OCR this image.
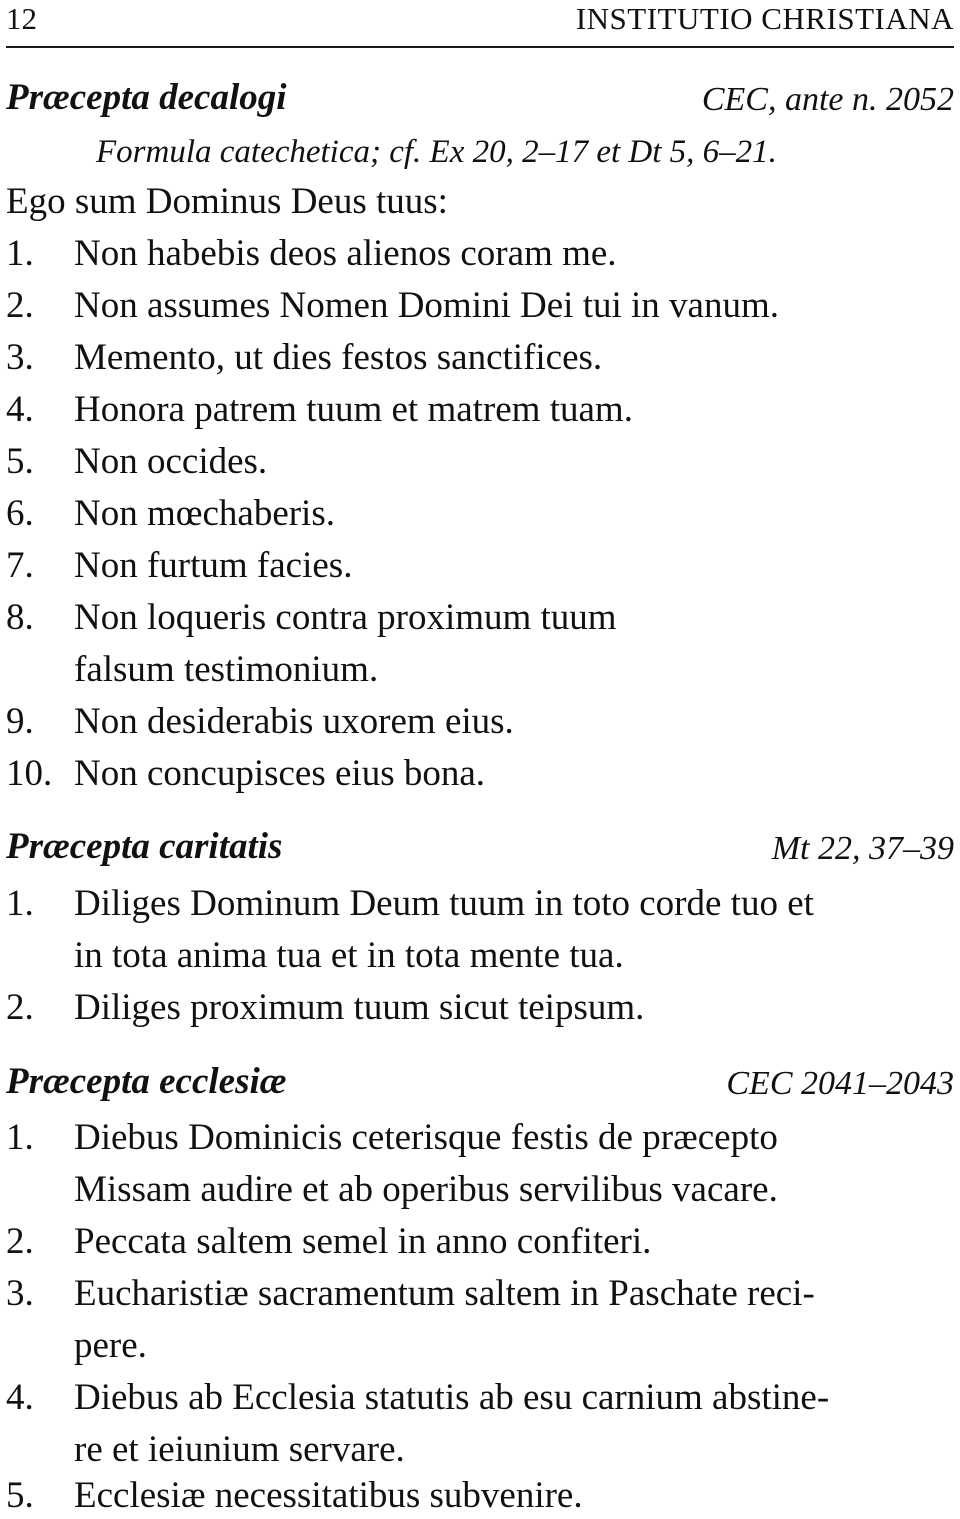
12	INSTITUTIO CHRISTIANA
Præcepta decalogi	CEC, ante n. 2052
Formula catechetica; cf. Ex 20, 2–17 et Dt 5, 6–21.
Ego sum Dominus Deus tuus:
1. Non habebis deos alienos coram me.
2. Non assumes Nomen Domini Dei tui in vanum.
3. Memento, ut dies festos sanctifices.
4. Honora patrem tuum et matrem tuam.
5. Non occides.
6. Non mœchaberis.
7. Non furtum facies.
8. Non loqueris contra proximum tuum
falsum testimonium.
9. Non desiderabis uxorem eius.
10. Non concupisces eius bona.
Præcepta caritatis	Mt 22, 37–39
1. Diliges Dominum Deum tuum in toto corde tuo et
in tota anima tua et in tota mente tua.
2. Diliges proximum tuum sicut teipsum.
Præcepta ecclesiæ	CEC 2041–2043
1. Diebus Dominicis ceterisque festis de præcepto
Missam audire et ab operibus servilibus vacare.
2. Peccata saltem semel in anno confiteri.
3. Eucharistiæ sacramentum saltem in Paschate reci-
pere.
4. Diebus ab Ecclesia statutis ab esu carnium abstine-
re et ieiunium servare.
5. Ecclesiæ necessitatibus subvenire.
